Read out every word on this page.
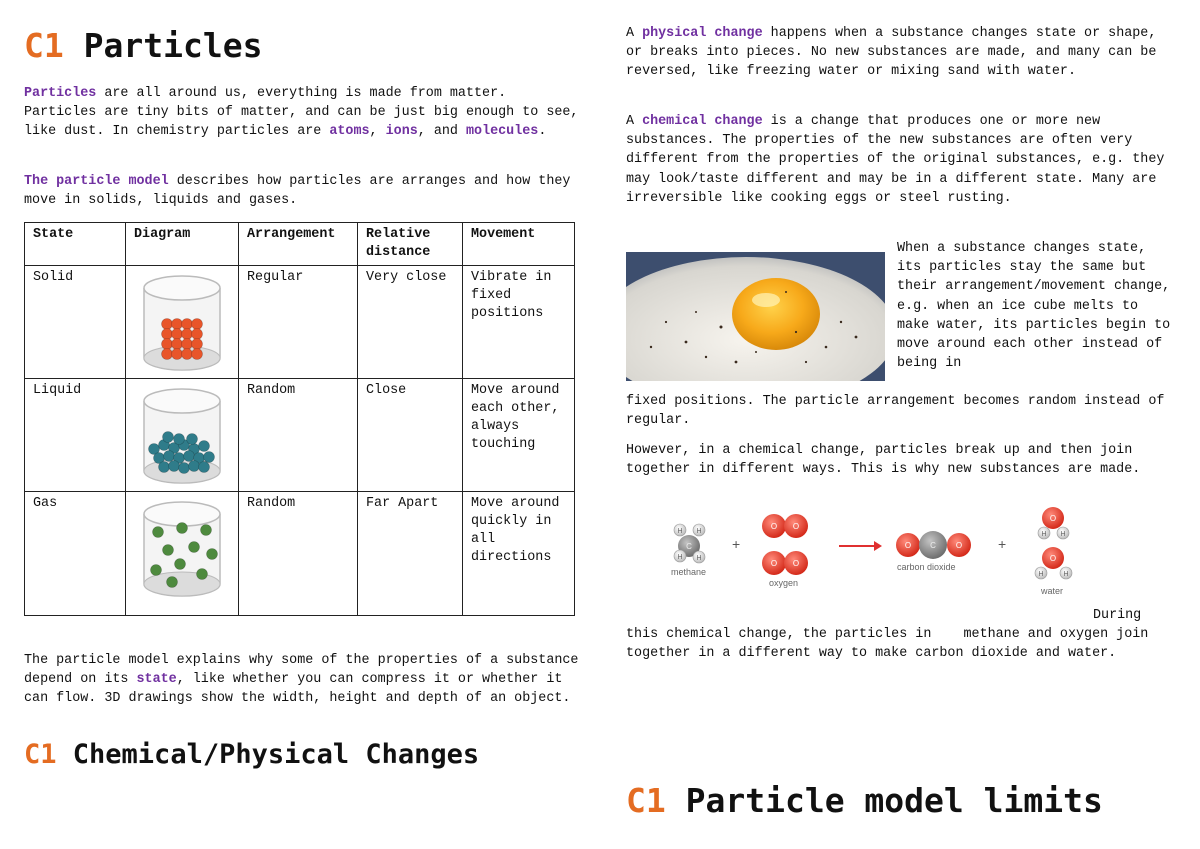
C1 Particles

Particles are all around us, everything is made from matter. Particles are tiny bits of matter, and can be just big enough to see, like dust. In chemistry particles are atoms, ions, and molecules.

The particle model describes how particles are arranges and how they move in solids, liquids and gases.

State	Diagram	Arrangement	Relative distance	Movement
Solid		Regular	Very close	Vibrate in fixed positions
Liquid		Random	Close	Move around each other, always touching
Gas		Random	Far Apart	Move around quickly in all directions

The particle model explains why some of the properties of a substance depend on its state, like whether you can compress it or whether it can flow. 3D drawings show the width, height and depth of an object.

C1 Chemical/Physical Changes

A physical change happens when a substance changes state or shape, or breaks into pieces. No new substances are made, and many can be reversed, like freezing water or mixing sand with water.

A chemical change is a change that produces one or more new substances. The properties of the new substances are often very different from the properties of the original substances, e.g. they may look/taste different and may be in a different state. Many are irreversible like cooking eggs or steel rusting.

When a substance changes state, its particles stay the same but their arrangement/movement change, e.g. when an ice cube melts to make water, its particles begin to move around each other instead of being in

fixed positions. The particle arrangement becomes random instead of regular.

However, in a chemical change, particles break up and then join together in different ways. This is why new substances are made.

C
H H
H H
methane
+
O O
O O
oxygen
O C O
carbon dioxide
+
O
H H
O
H	H
water

During

this chemical change, the particles in    methane and oxygen join together in a different way to make carbon dioxide and water.

C1 Particle model limits
